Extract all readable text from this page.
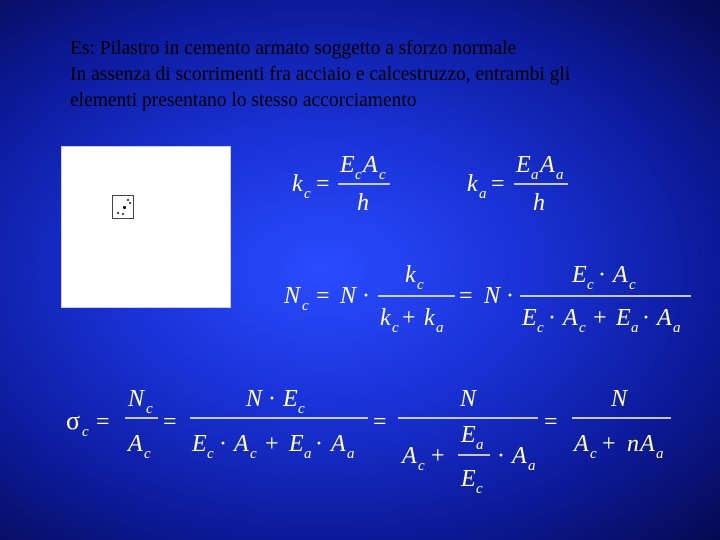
Es: Pilastro in cemento armato soggetto a sforzo normale
In assenza di scorrimenti fra acciaio e calcestruzzo, entrambi gli
elementi presentano lo stesso accorciamento
k c =
E c A c
h
k a =
E a A a
h
N c = N ·
k c
k c + k a
= N ·
E c · A c
E c · A c + E a · A a
σ c =
N c
A c
=
N · E c
E c · A c + E a · A a
=
N
A c +
E a
E c
· A a
=
N
A c + n A a
